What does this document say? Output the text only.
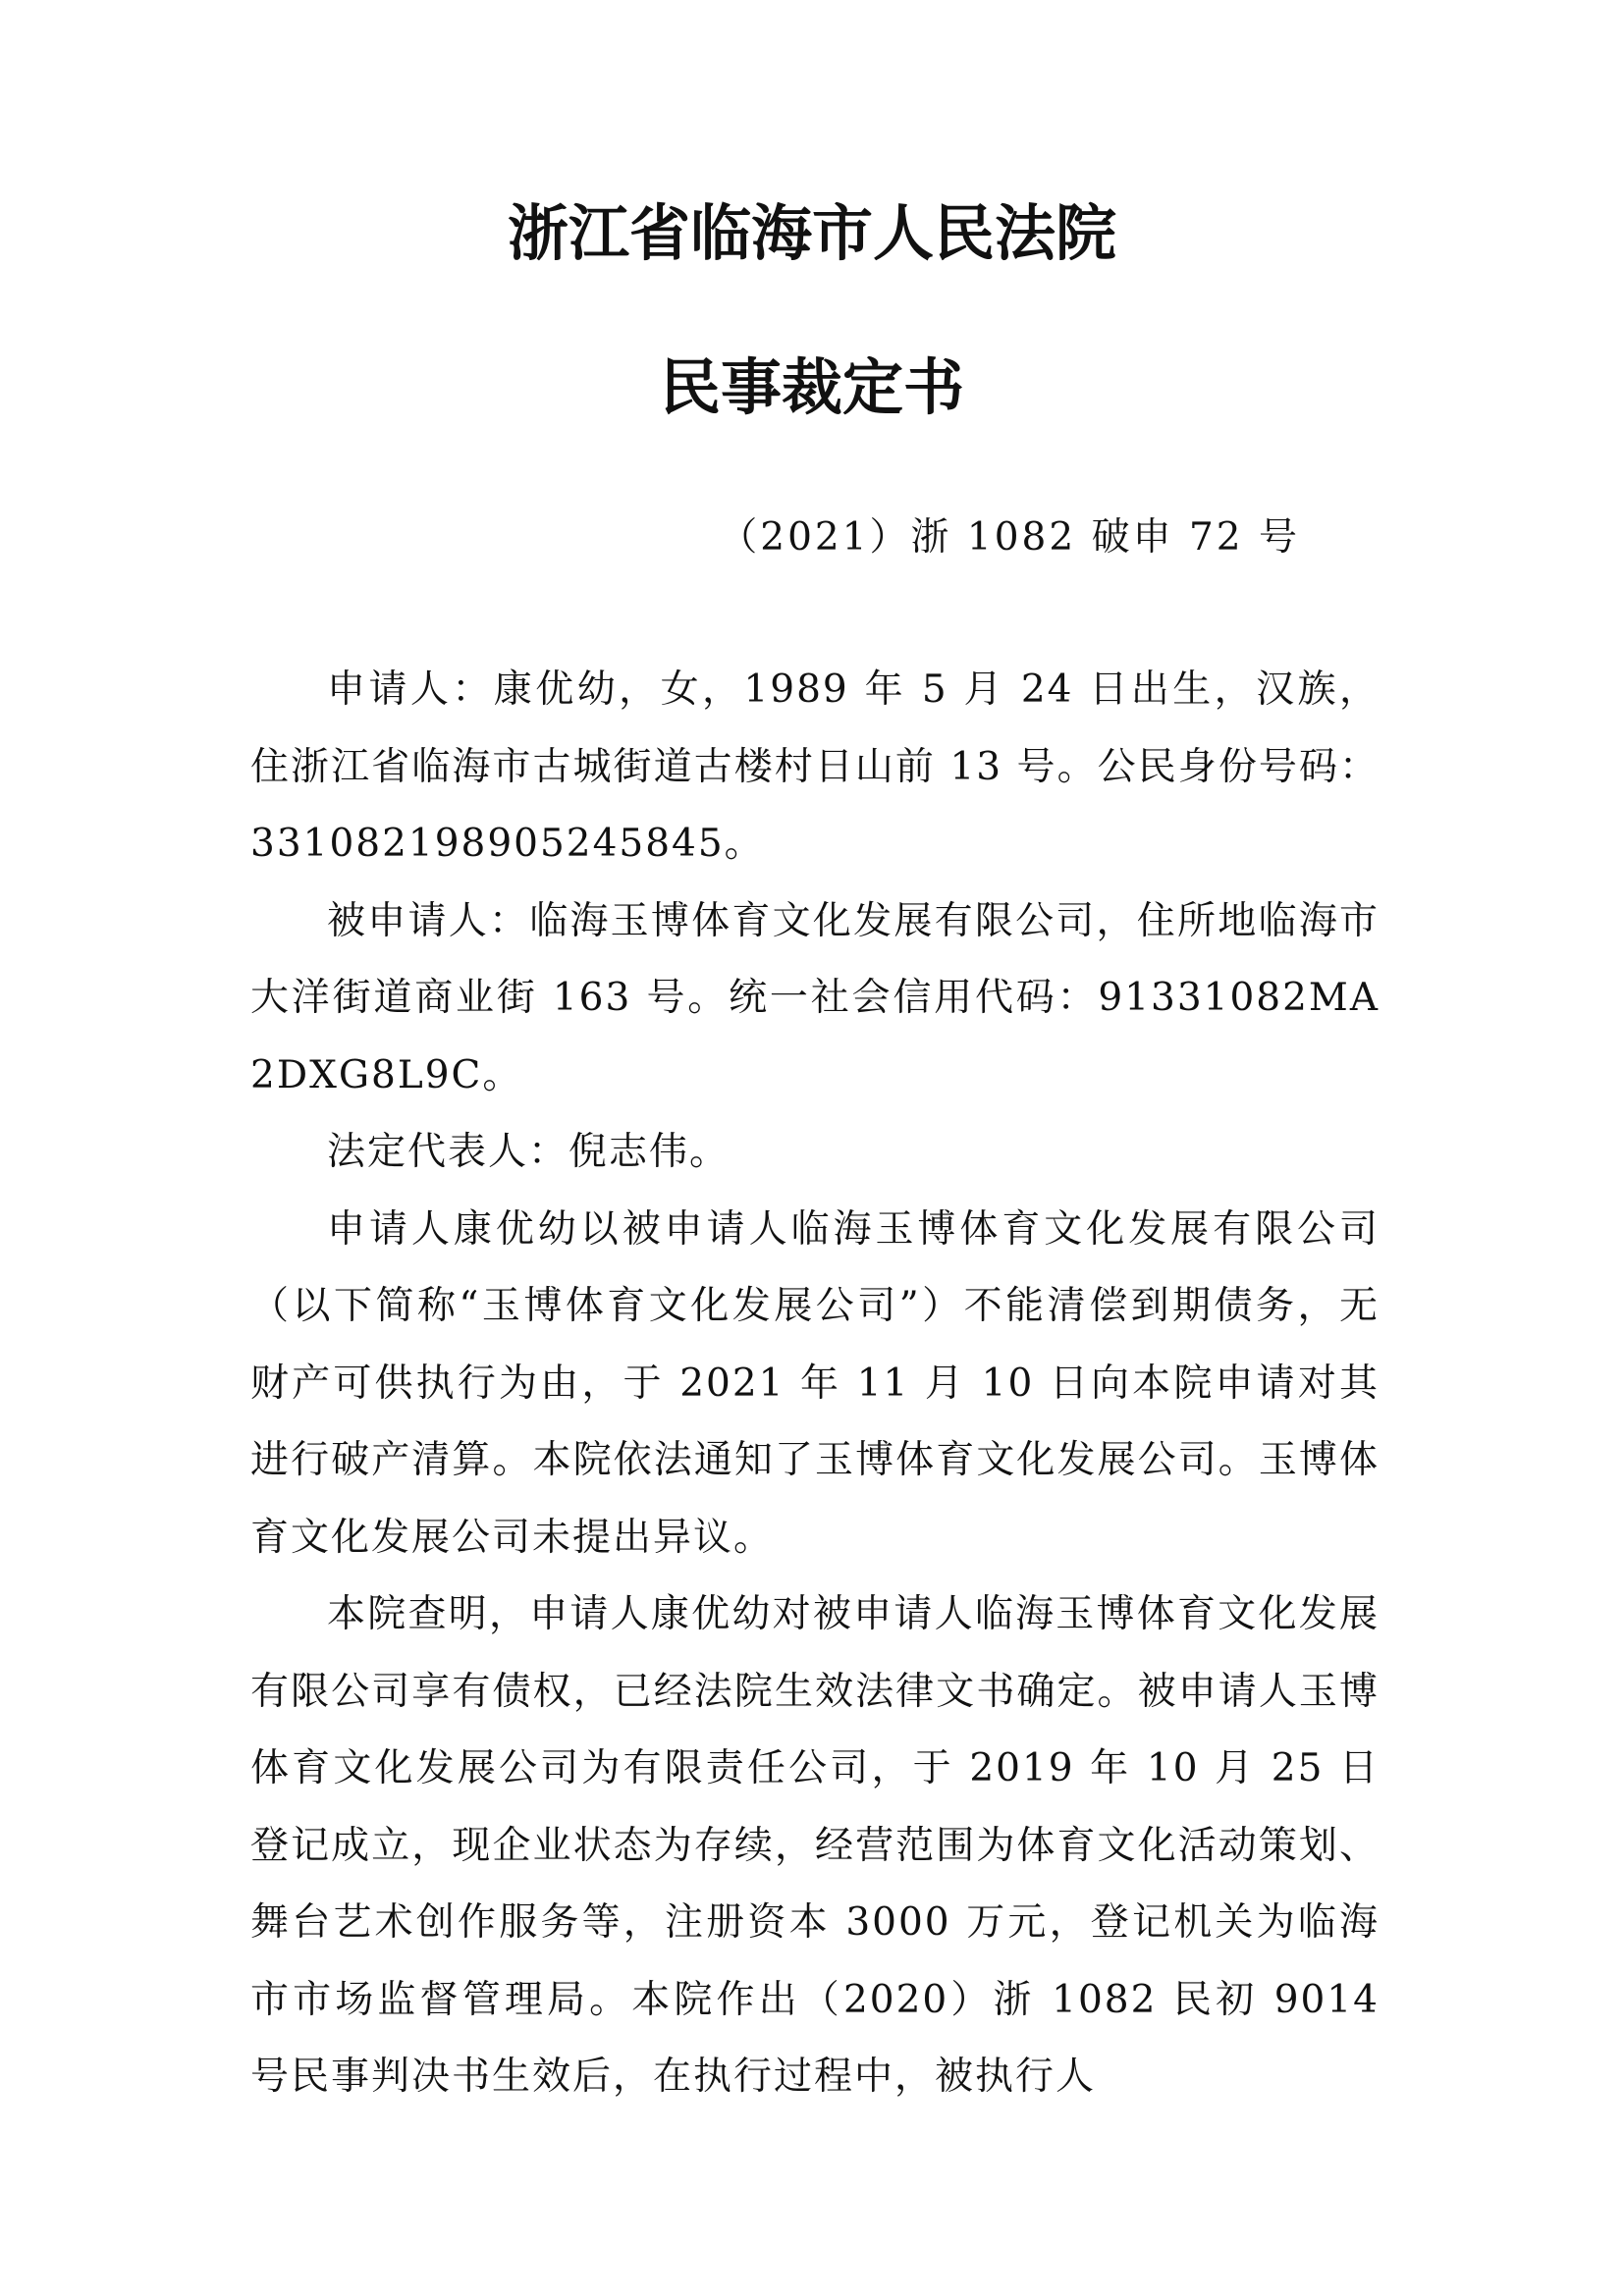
浙江省临海市人民法院
民事裁定书
（2021）浙 1082 破申 72 号

申请人：康优幼，女，1989 年 5 月 24 日出生，汉族，住浙江省临海市古城街道古楼村日山前 13 号。公民身份号码：331082198905245845。

被申请人：临海玉博体育文化发展有限公司，住所地临海市大洋街道商业街 163 号。统一社会信用代码：91331082MA2DXG8L9C。

法定代表人：倪志伟。

申请人康优幼以被申请人临海玉博体育文化发展有限公司（以下简称“玉博体育文化发展公司”）不能清偿到期债务，无财产可供执行为由，于 2021 年 11 月 10 日向本院申请对其进行破产清算。本院依法通知了玉博体育文化发展公司。玉博体育文化发展公司未提出异议。

本院查明，申请人康优幼对被申请人临海玉博体育文化发展有限公司享有债权，已经法院生效法律文书确定。被申请人玉博体育文化发展公司为有限责任公司，于 2019 年 10 月 25 日登记成立，现企业状态为存续，经营范围为体育文化活动策划、舞台艺术创作服务等，注册资本 3000 万元，登记机关为临海市市场监督管理局。本院作出（2020）浙 1082 民初 9014 号民事判决书生效后，在执行过程中，被执行人
